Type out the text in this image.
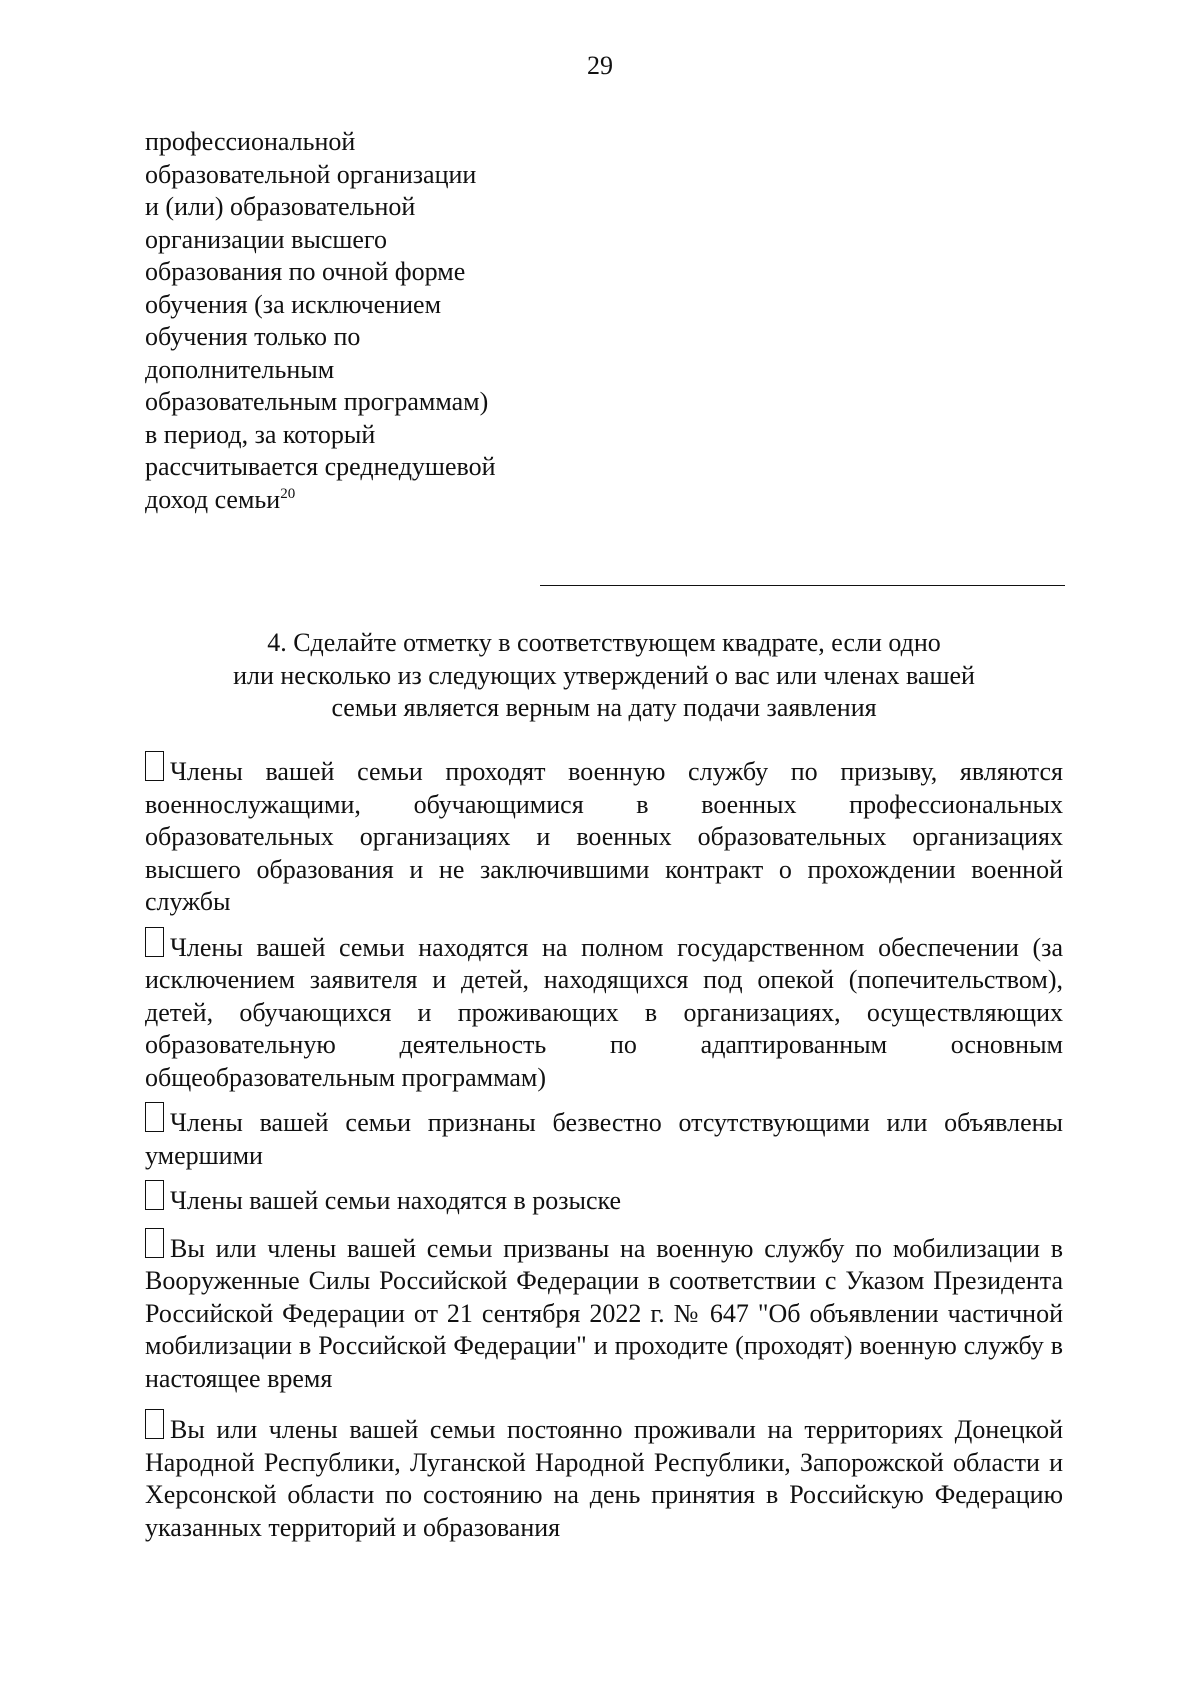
29
профессиональной
образовательной организации
и (или) образовательной
организации высшего
образования по очной форме
обучения (за исключением
обучения только по
дополнительным
образовательным программам)
в период, за который
рассчитывается среднедушевой
доход семьи$^{20}$
4. Сделайте отметку в соответствующем квадрате, если одно
или несколько из следующих утверждений о вас или членах вашей
семьи является верным на дату подачи заявления
Члены вашей семьи проходят военную службу по призыву, являются военнослужащими, обучающимися в военных профессиональных образовательных организациях и военных образовательных организациях высшего образования и не заключившими контракт о прохождении военной службы
Члены вашей семьи находятся на полном государственном обеспечении (за исключением заявителя и детей, находящихся под опекой (попечительством), детей, обучающихся и проживающих в организациях, осуществляющих образовательную деятельность по адаптированным основным общеобразовательным программам)
Члены вашей семьи признаны безвестно отсутствующими или объявлены умершими
Члены вашей семьи находятся в розыске
Вы или члены вашей семьи призваны на военную службу по мобилизации в Вооруженные Силы Российской Федерации в соответствии с Указом Президента Российской Федерации от 21 сентября 2022 г. № 647 "Об объявлении частичной мобилизации в Российской Федерации" и проходите (проходят) военную службу в настоящее время
Вы или члены вашей семьи постоянно проживали на территориях Донецкой Народной Республики, Луганской Народной Республики, Запорожской области и Херсонской области по состоянию на день принятия в Российскую Федерацию указанных территорий и образования
